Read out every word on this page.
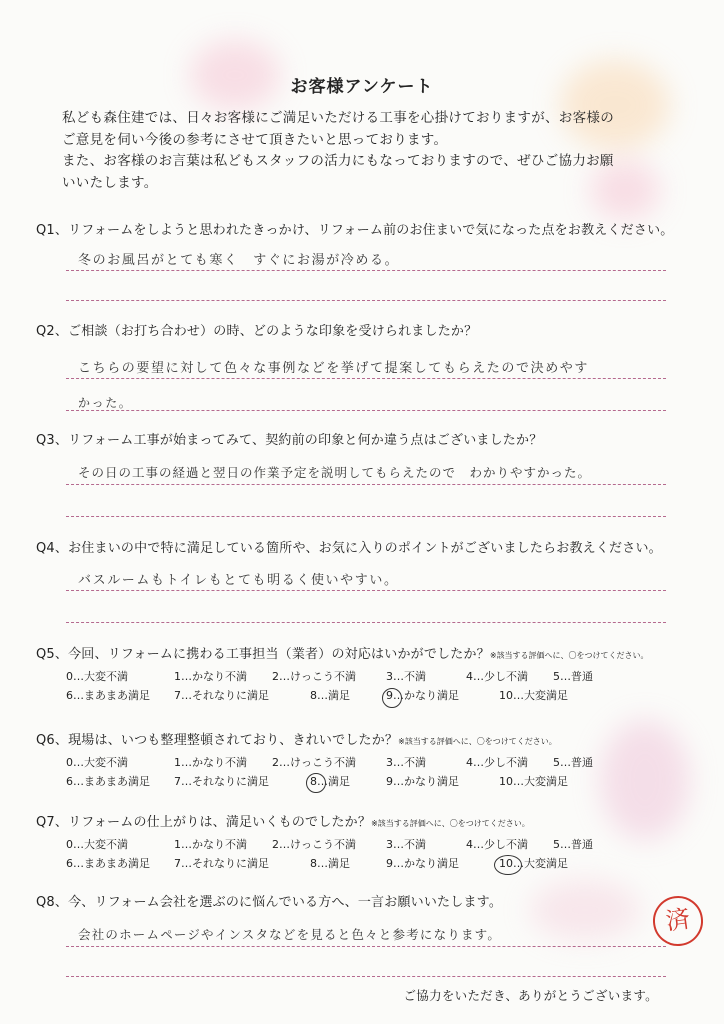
お客様アンケート
私ども森住建では、日々お客様にご満足いただける工事を心掛けておりますが、お客様の
ご意見を伺い今後の参考にさせて頂きたいと思っております。
また、お客様のお言葉は私どもスタッフの活力にもなっておりますので、ぜひご協力お願
いいたします。
Q1、リフォームをしようと思われたきっかけ、リフォーム前のお住まいで気になった点をお教えください。
冬のお風呂がとても寒く　すぐにお湯が冷める。
Q2、ご相談（お打ち合わせ）の時、どのような印象を受けられましたか？
こちらの要望に対して色々な事例などを挙げて提案してもらえたので決めやす
かった。
Q3、リフォーム工事が始まってみて、契約前の印象と何か違う点はございましたか？
その日の工事の経過と翌日の作業予定を説明してもらえたので　わかりやすかった。
Q4、お住まいの中で特に満足している箇所や、お気に入りのポイントがございましたらお教えください。
バスルームもトイレもとても明るく使いやすい。
Q5、今回、リフォームに携わる工事担当（業者）の対応はいかがでしたか？※該当する評価へに、〇をつけてください。
0…大変不満	1…かなり不満 2…けっこう不満	3…不満	4…少し不満 5…普通
6…まあまあ満足 7…それなりに満足	8…満足	9…かなり満足	10…大変満足
Q6、現場は、いつも整理整頓されており、きれいでしたか？※該当する評価へに、〇をつけてください。
0…大変不満	1…かなり不満 2…けっこう不満	3…不満	4…少し不満 5…普通
6…まあまあ満足 7…それなりに満足	8…満足	9…かなり満足	10…大変満足
Q7、リフォームの仕上がりは、満足いくものでしたか？※該当する評価へに、〇をつけてください。
0…大変不満	1…かなり不満 2…けっこう不満	3…不満	4…少し不満 5…普通
6…まあまあ満足 7…それなりに満足	8…満足	9…かなり満足	10…大変満足
Q8、今、リフォーム会社を選ぶのに悩んでいる方へ、一言お願いいたします。
会社のホームページやインスタなどを見ると色々と参考になります。	済
ご協力をいただき、ありがとうございます。
